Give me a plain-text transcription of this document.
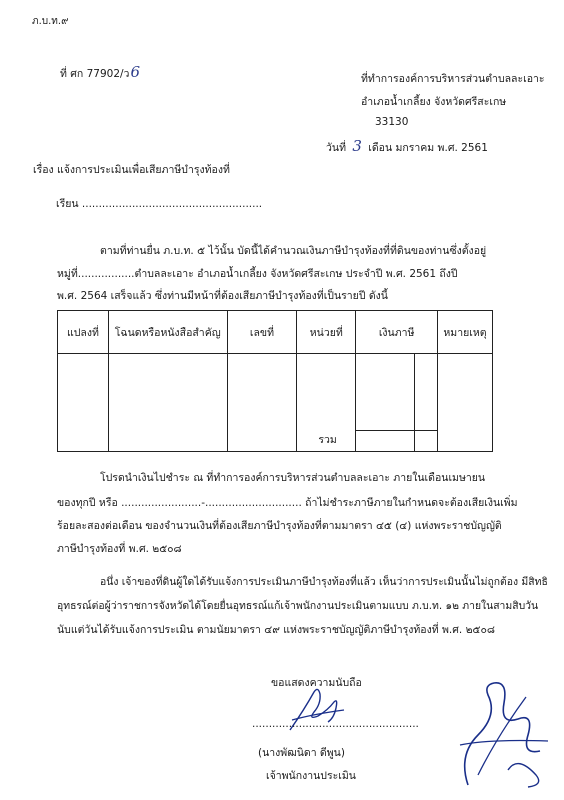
ภ.บ.ท.๙
ที่ ศก 77902/ว6	ที่ทำการองค์การบริหารส่วนตำบลละเอาะ
อำเภอน้ำเกลี้ยง จังหวัดศรีสะเกษ
33130
วันที่ 3 เดือน มกราคม พ.ศ. 2561
เรื่อง แจ้งการประเมินเพื่อเสียภาษีบำรุงท้องที่
เรียน ......................................................
ตามที่ท่านยื่น ภ.บ.ท. ๕ ไว้นั้น บัดนี้ได้คำนวณเงินภาษีบำรุงท้องที่ที่ดินของท่านซึ่งตั้งอยู่
หมู่ที่.................ตำบลละเอาะ อำเภอน้ำเกลี้ยง จังหวัดศรีสะเกษ ประจำปี พ.ศ. 2561 ถึงปี
พ.ศ. 2564 เสร็จแล้ว ซึ่งท่านมีหน้าที่ต้องเสียภาษีบำรุงท้องที่เป็นรายปี ดังนี้
แปลงที่	โฉนดหรือหนังสือสำคัญ	เลขที่	หน่วยที่	เงินภาษี	หมายเหตุ

			รวม		

โปรดนำเงินไปชำระ ณ ที่ทำการองค์การบริหารส่วนตำบลละเอาะ ภายในเดือนเมษายน
ของทุกปี หรือ ........................-............................. ถ้าไม่ชำระภาษีภายในกำหนดจะต้องเสียเงินเพิ่ม
ร้อยละสองต่อเดือน ของจำนวนเงินที่ต้องเสียภาษีบำรุงท้องที่ตามมาตรา ๔๕ (๔) แห่งพระราชบัญญัติ
ภาษีบำรุงท้องที่ พ.ศ. ๒๕๐๘
อนึ่ง เจ้าของที่ดินผู้ใดได้รับแจ้งการประเมินภาษีบำรุงท้องที่แล้ว เห็นว่าการประเมินนั้นไม่ถูกต้อง มีสิทธิ
อุทธรณ์ต่อผู้ว่าราชการจังหวัดได้โดยยื่นอุทธรณ์แก้เจ้าพนักงานประเมินตามแบบ ภ.บ.ท. ๑๒ ภายในสามสิบวัน
นับแต่วันได้รับแจ้งการประเมิน ตามนัยมาตรา ๔๙ แห่งพระราชบัญญัติภาษีบำรุงท้องที่ พ.ศ. ๒๕๐๘
ขอแสดงความนับถือ
..................................................
(นางพัฒนิดา ดีพูน)
เจ้าพนักงานประเมิน
